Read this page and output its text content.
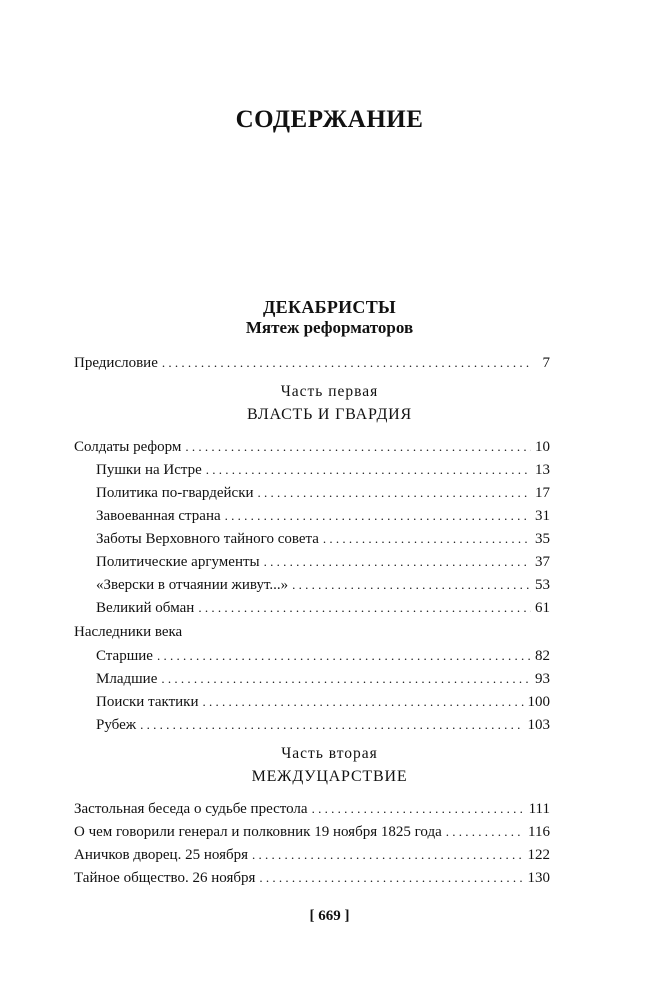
СОДЕРЖАНИЕ
ДЕКАБРИСТЫ
Мятеж реформаторов
Предисловие . . .	7
Часть первая
ВЛАСТЬ И ГВАРДИЯ
Солдаты реформ . . .	10
Пушки на Истре . . .	13
Политика по-гвардейски . . .	17
Завоеванная страна . . .	31
Заботы Верховного тайного совета . . .	35
Политические аргументы . . .	37
«Зверски в отчаянии живут...» . . .	53
Великий обман . . .	61
Наследники века
Старшие . . .	82
Младшие . . .	93
Поиски тактики . . .	100
Рубеж . . .	103
Часть вторая
МЕЖДУЦАРСТВИЕ
Застольная беседа о судьбе престола . . .	111
О чем говорили генерал и полковник 19 ноября 1825 года . . .	116
Аничков дворец. 25 ноября . . .	122
Тайное общество. 26 ноября . . .	130
[ 669 ]
